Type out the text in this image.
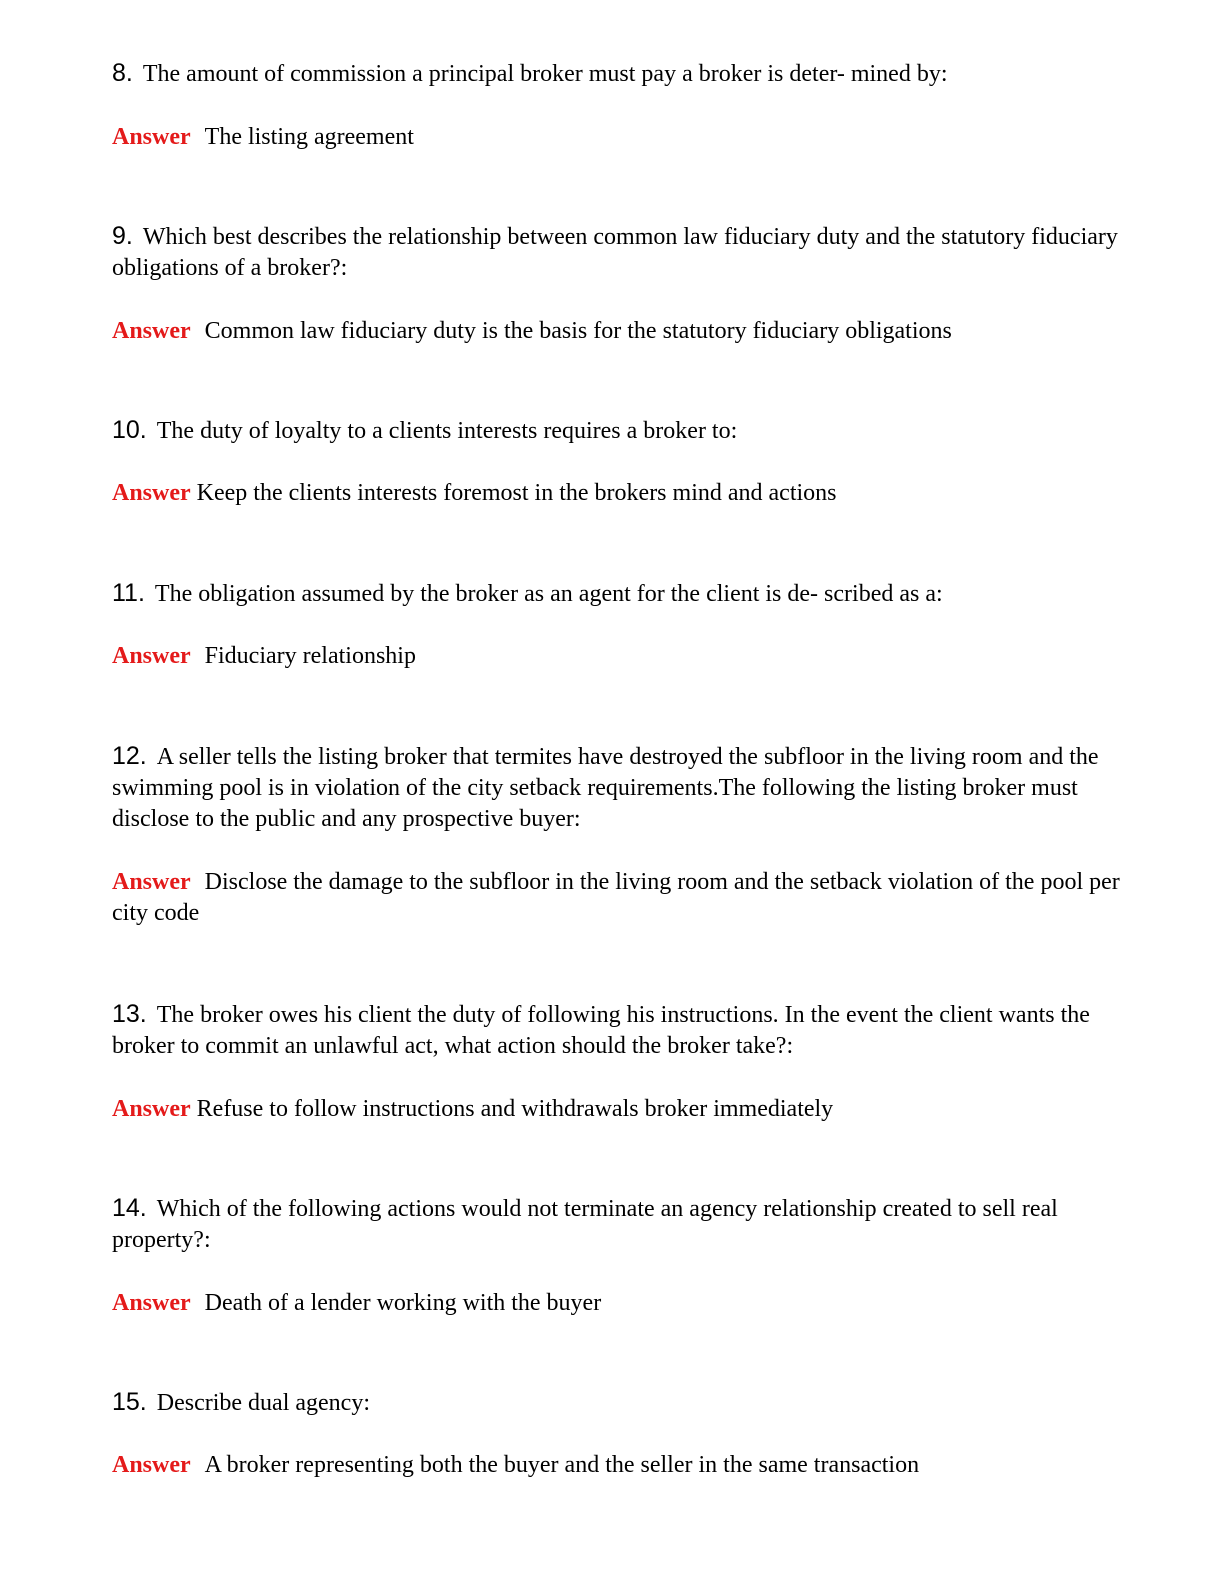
8. The amount of commission a principal broker must pay a broker is deter- mined by:

Answer The listing agreement

9. Which best describes the relationship between common law fiduciary duty and the statutory fiduciary obligations of a broker?:

Answer Common law fiduciary duty is the basis for the statutory fiduciary obligations

10. The duty of loyalty to a clients interests requires a broker to:

Answer Keep the clients interests foremost in the brokers mind and actions

11. The obligation assumed by the broker as an agent for the client is de- scribed as a:

Answer Fiduciary relationship

12. A seller tells the listing broker that termites have destroyed the subfloor in the living room and the swimming pool is in violation of the city setback requirements.The following the listing broker must disclose to the public and any prospective buyer:

Answer Disclose the damage to the subfloor in the living room and the setback violation of the pool per city code

13. The broker owes his client the duty of following his instructions. In the event the client wants the broker to commit an unlawful act, what action should the broker take?:

Answer Refuse to follow instructions and withdrawals broker immediately

14. Which of the following actions would not terminate an agency relationship created to sell real property?:

Answer Death of a lender working with the buyer

15. Describe dual agency:

Answer A broker representing both the buyer and the seller in the same transaction
